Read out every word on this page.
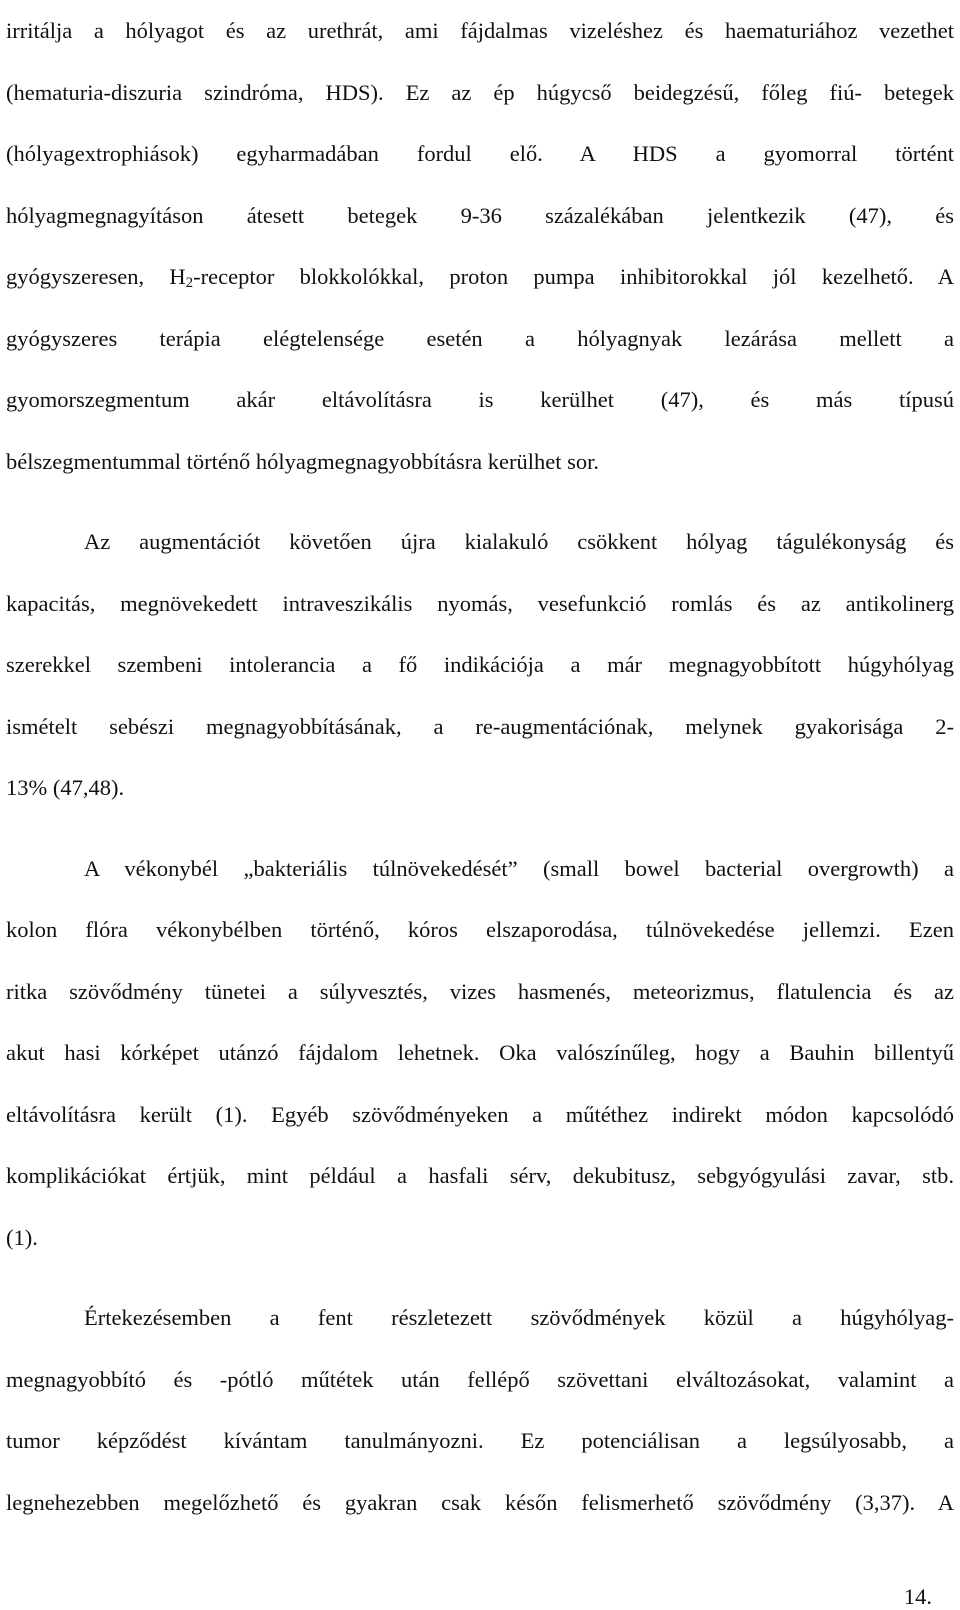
irritálja a hólyagot és az urethrát, ami fájdalmas vizeléshez és haematuriához vezethet
(hematuria-diszuria szindróma, HDS). Ez az ép húgycső beidegzésű, főleg fiú- betegek
(hólyagextrophiások) egyharmadában fordul elő. A HDS a gyomorral történt
hólyagmegnagyításon átesett betegek 9-36 százalékában jelentkezik (47), és
gyógyszeresen, $H_2$-receptor blokkolókkal, proton pumpa inhibitorokkal jól kezelhető. A
gyógyszeres terápia elégtelensége esetén a hólyagnyak lezárása mellett a
gyomorszegmentum akár eltávolításra is kerülhet (47), és más típusú
bélszegmentummal történő hólyagmegnagyobbításra kerülhet sor.
Az augmentációt követően újra kialakuló csökkent hólyag tágulékonyság és
kapacitás, megnövekedett intraveszikális nyomás, vesefunkció romlás és az antikolinerg
szerekkel szembeni intolerancia a fő indikációja a már megnagyobbított húgyhólyag
ismételt sebészi megnagyobbításának, a re-augmentációnak, melynek gyakorisága 2-
13% (47,48).
A vékonybél „bakteriális túlnövekedését” (small bowel bacterial overgrowth) a
kolon flóra vékonybélben történő, kóros elszaporodása, túlnövekedése jellemzi. Ezen
ritka szövődmény tünetei a súlyvesztés, vizes hasmenés, meteorizmus, flatulencia és az
akut hasi kórképet utánzó fájdalom lehetnek. Oka valószínűleg, hogy a Bauhin billentyű
eltávolításra került (1). Egyéb szövődményeken a műtéthez indirekt módon kapcsolódó
komplikációkat értjük, mint például a hasfali sérv, dekubitusz, sebgyógyulási zavar, stb.
(1).
Értekezésemben a fent részletezett szövődmények közül a húgyhólyag-
megnagyobbító és -pótló műtétek után fellépő szövettani elváltozásokat, valamint a
tumor képződést kívántam tanulmányozni. Ez potenciálisan a legsúlyosabb, a
legnehezebben megelőzhető és gyakran csak későn felismerhető szövődmény (3,37). A
14.
